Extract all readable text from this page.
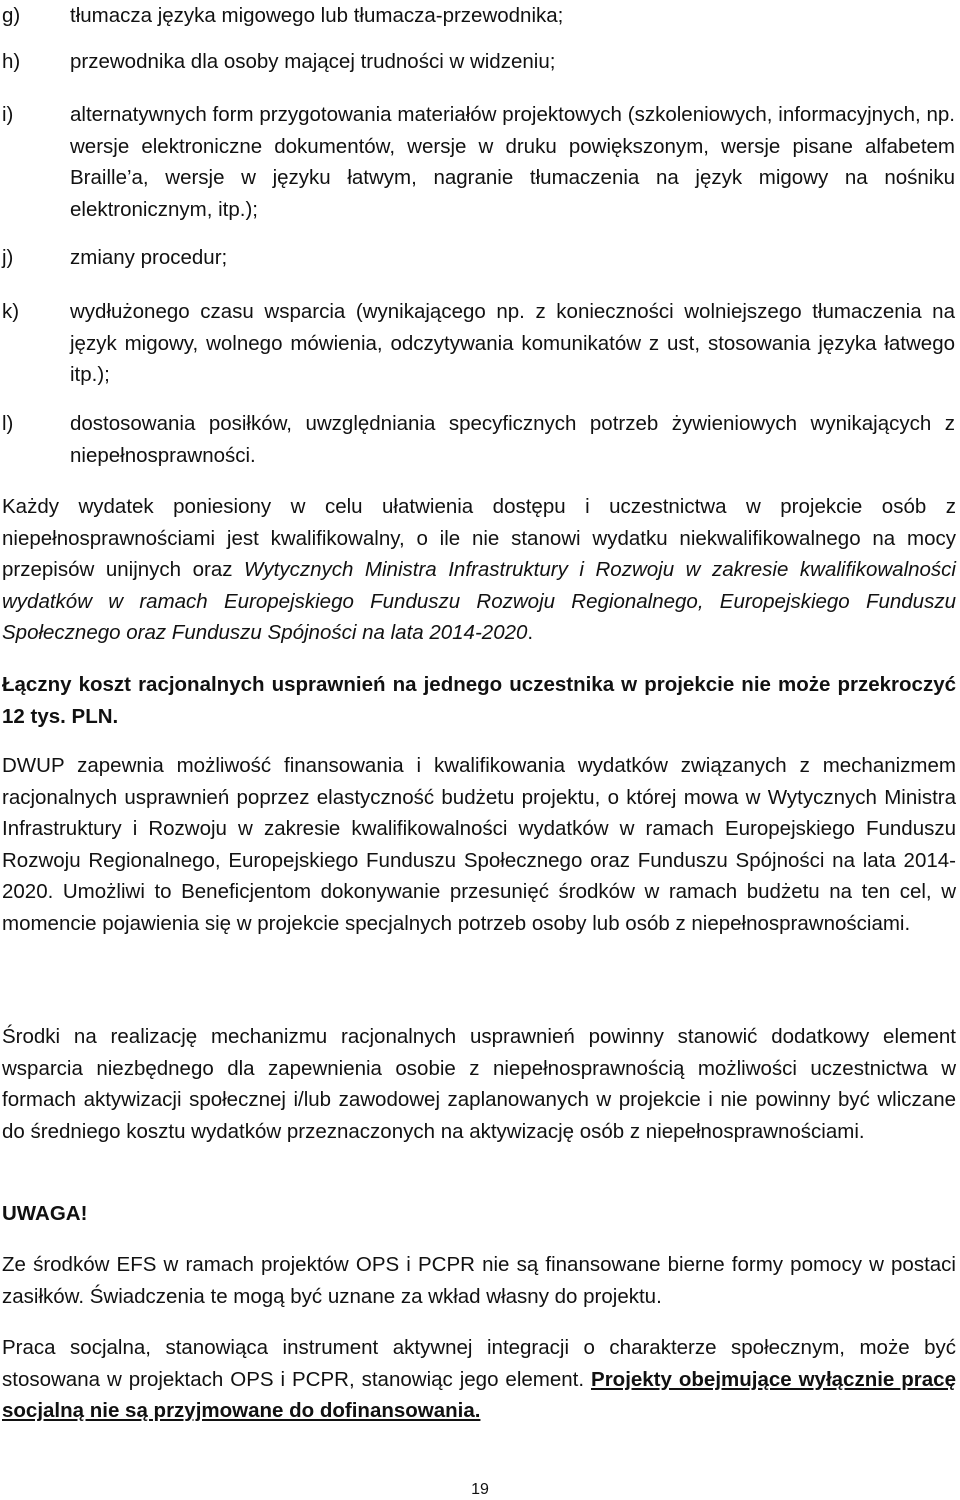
g)	tłumacza języka migowego lub tłumacza-przewodnika;
h)	przewodnika dla osoby mającej trudności w widzeniu;
i)	alternatywnych form przygotowania materiałów projektowych (szkoleniowych, informacyjnych, np. wersje elektroniczne dokumentów, wersje w druku powiększonym, wersje pisane alfabetem Braille’a, wersje w języku łatwym, nagranie tłumaczenia na język migowy na nośniku elektronicznym, itp.);
j)	zmiany procedur;
k)	wydłużonego czasu wsparcia (wynikającego np. z konieczności wolniejszego tłumaczenia na język migowy, wolnego mówienia, odczytywania komunikatów z ust, stosowania języka łatwego itp.);
l)	dostosowania posiłków, uwzględniania specyficznych potrzeb żywieniowych wynikających z niepełnosprawności.

Każdy wydatek poniesiony w celu ułatwienia dostępu i uczestnictwa w projekcie osób z niepełnosprawnościami jest kwalifikowalny, o ile nie stanowi wydatku niekwalifikowalnego na mocy przepisów unijnych oraz Wytycznych Ministra Infrastruktury i Rozwoju w zakresie kwalifikowalności wydatków w ramach Europejskiego Funduszu Rozwoju Regionalnego, Europejskiego Funduszu Społecznego oraz Funduszu Spójności na lata 2014-2020.

Łączny koszt racjonalnych usprawnień na jednego uczestnika w projekcie nie może przekroczyć 12 tys. PLN.

DWUP zapewnia możliwość finansowania i kwalifikowania wydatków związanych z mechanizmem racjonalnych usprawnień poprzez elastyczność budżetu projektu, o której mowa w Wytycznych Ministra Infrastruktury i Rozwoju w zakresie kwalifikowalności wydatków w ramach Europejskiego Funduszu Rozwoju Regionalnego, Europejskiego Funduszu Społecznego oraz Funduszu Spójności na lata 2014-2020. Umożliwi to Beneficjentom dokonywanie przesunięć środków w ramach budżetu na ten cel, w momencie pojawienia się w projekcie specjalnych potrzeb osoby lub osób z niepełnosprawnościami.

Środki na realizację mechanizmu racjonalnych usprawnień powinny stanowić dodatkowy element wsparcia niezbędnego dla zapewnienia osobie z niepełnosprawnością możliwości uczestnictwa w formach aktywizacji społecznej i/lub zawodowej zaplanowanych w projekcie i nie powinny być wliczane do średniego kosztu wydatków przeznaczonych na aktywizację osób z niepełnosprawnościami.

UWAGA!

Ze środków EFS w ramach projektów OPS i PCPR nie są finansowane bierne formy pomocy w postaci zasiłków. Świadczenia te mogą być uznane za wkład własny do projektu.

Praca socjalna, stanowiąca instrument aktywnej integracji o charakterze społecznym, może być stosowana w projektach OPS i PCPR, stanowiąc jego element. Projekty obejmujące wyłącznie pracę socjalną nie są przyjmowane do dofinansowania.

19
